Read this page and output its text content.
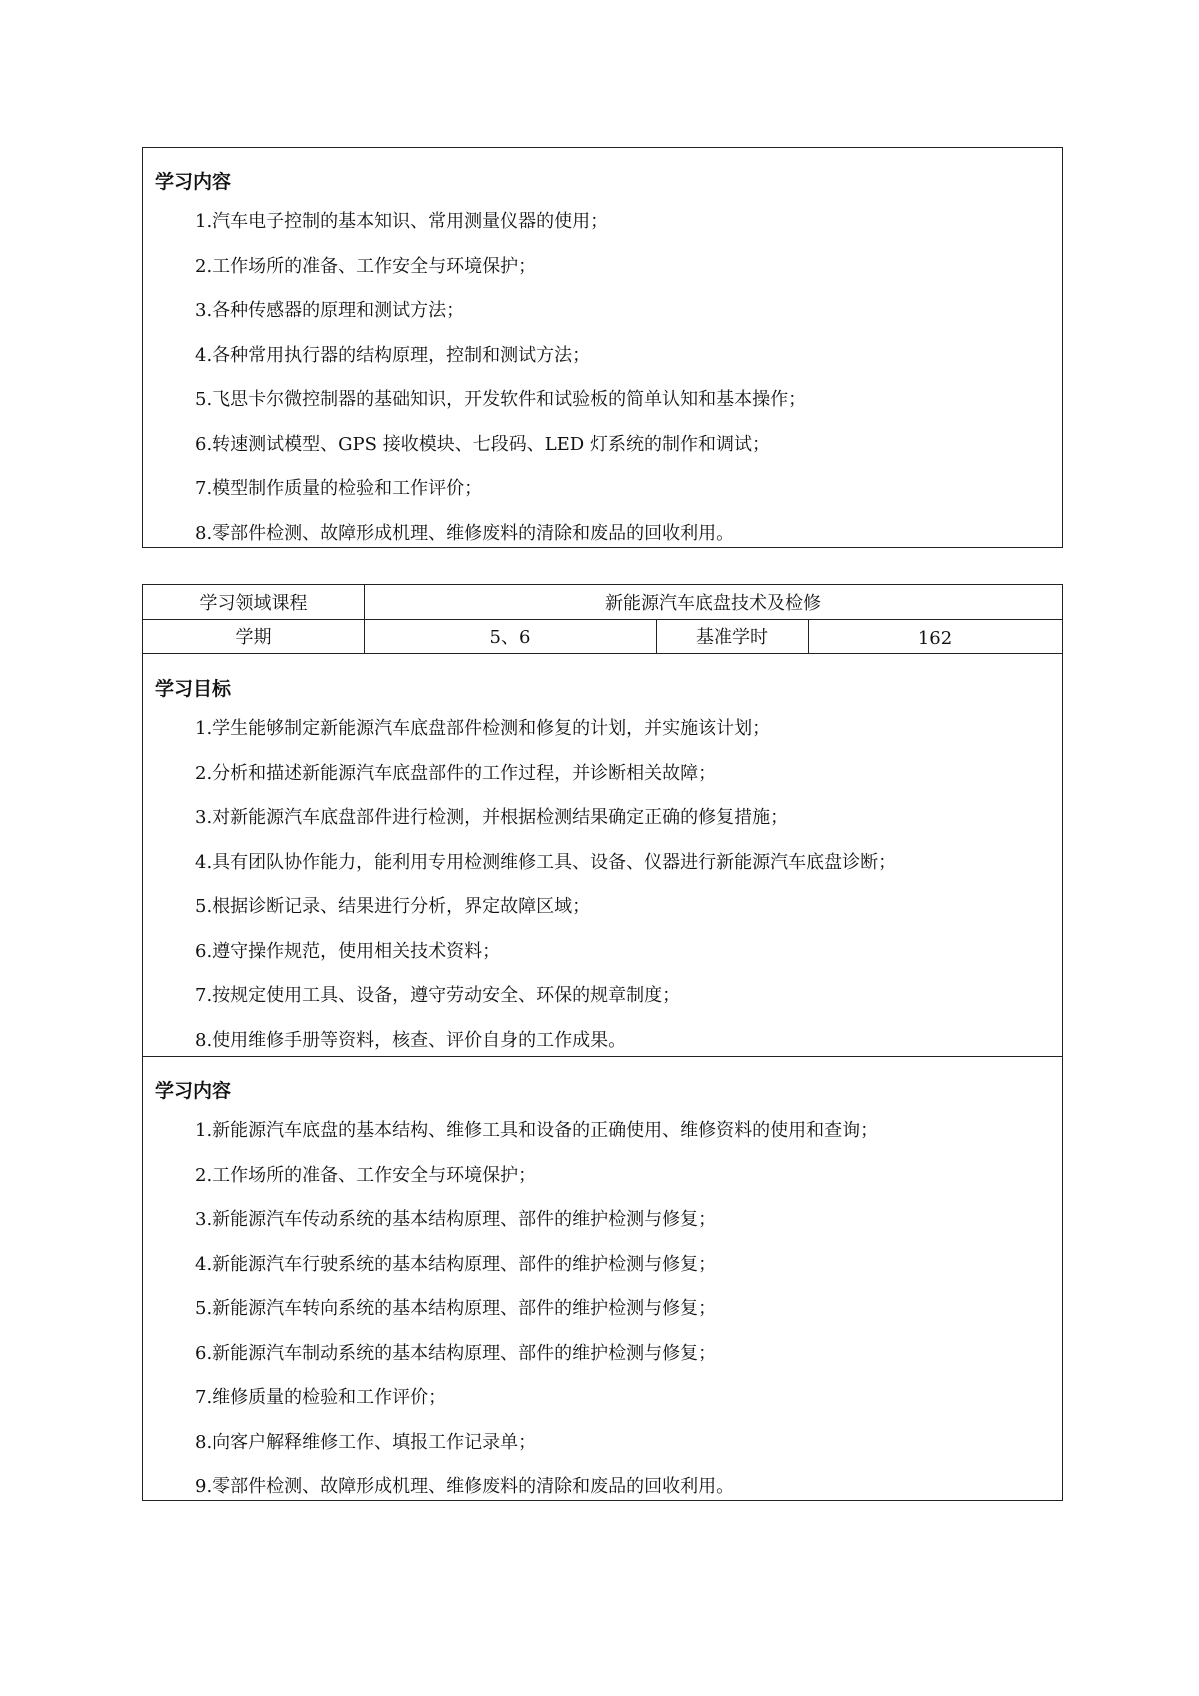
学习内容
1.汽车电子控制的基本知识、常用测量仪器的使用；
2.工作场所的准备、工作安全与环境保护；
3.各种传感器的原理和测试方法；
4.各种常用执行器的结构原理，控制和测试方法；
5.飞思卡尔微控制器的基础知识，开发软件和试验板的简单认知和基本操作；
6.转速测试模型、GPS 接收模块、七段码、LED 灯系统的制作和调试；
7.模型制作质量的检验和工作评价；
8.零部件检测、故障形成机理、维修废料的清除和废品的回收利用。
学习领域课程	新能源汽车底盘技术及检修
学期	5、6	基准学时	162
学习目标
1.学生能够制定新能源汽车底盘部件检测和修复的计划，并实施该计划；
2.分析和描述新能源汽车底盘部件的工作过程，并诊断相关故障；
3.对新能源汽车底盘部件进行检测，并根据检测结果确定正确的修复措施；
4.具有团队协作能力，能利用专用检测维修工具、设备、仪器进行新能源汽车底盘诊断；
5.根据诊断记录、结果进行分析，界定故障区域；
6.遵守操作规范，使用相关技术资料；
7.按规定使用工具、设备，遵守劳动安全、环保的规章制度；
8.使用维修手册等资料，核查、评价自身的工作成果。
学习内容
1.新能源汽车底盘的基本结构、维修工具和设备的正确使用、维修资料的使用和查询；
2.工作场所的准备、工作安全与环境保护；
3.新能源汽车传动系统的基本结构原理、部件的维护检测与修复；
4.新能源汽车行驶系统的基本结构原理、部件的维护检测与修复；
5.新能源汽车转向系统的基本结构原理、部件的维护检测与修复；
6.新能源汽车制动系统的基本结构原理、部件的维护检测与修复；
7.维修质量的检验和工作评价；
8.向客户解释维修工作、填报工作记录单；
9.零部件检测、故障形成机理、维修废料的清除和废品的回收利用。
